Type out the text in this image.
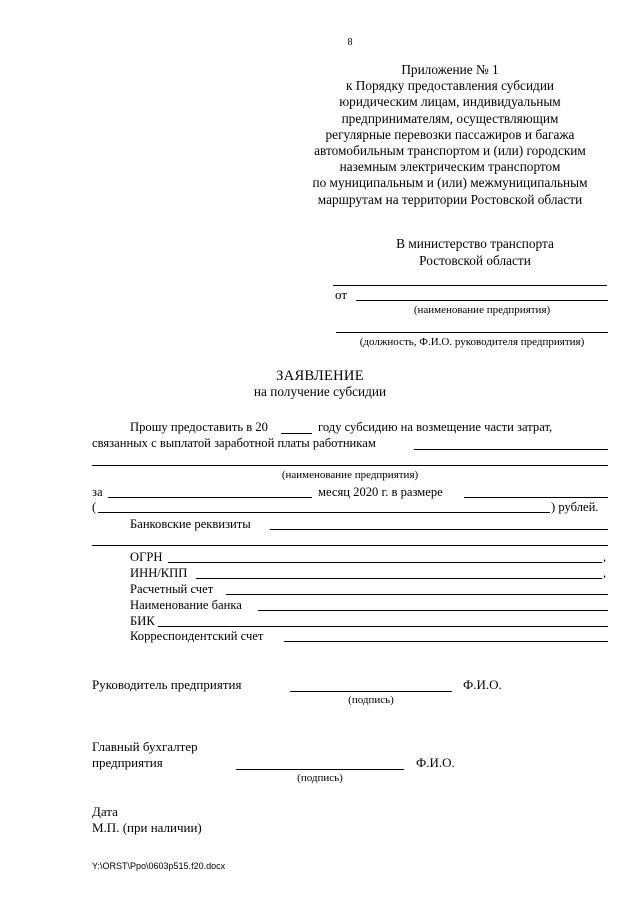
8
Приложение № 1
к Порядку предоставления субсидии
юридическим лицам, индивидуальным
предпринимателям, осуществляющим
регулярные перевозки пассажиров и багажа
автомобильным транспортом и (или) городским
наземным электрическим транспортом
по муниципальным и (или) межмуниципальным
маршрутам на территории Ростовской области
В министерство транспорта
Ростовской области
от
(наименование предприятия)
(должность, Ф.И.О. руководителя предприятия)
ЗАЯВЛЕНИЕ
на получение субсидии
Прошу предоставить в 20	году субсидию на возмещение части затрат,
связанных с выплатой заработной платы работникам
(наименование предприятия)
за	месяц 2020 г. в размере
(	) рублей.
Банковские реквизиты
ОГРН	,
ИНН/КПП	,
Расчетный счет
Наименование банка
БИК
Корреспондентский счет
Руководитель предприятия	Ф.И.О.
(подпись)
Главный бухгалтер
предприятия	Ф.И.О.
(подпись)
Дата
М.П. (при наличии)
Y:\ORST\Ppo\0603p515.f20.docx
